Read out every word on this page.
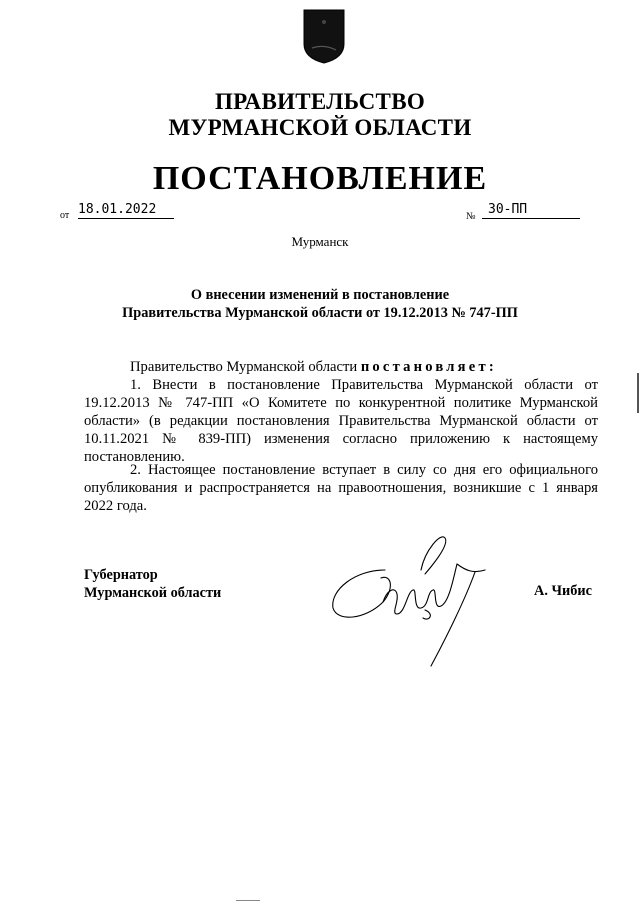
ПРАВИТЕЛЬСТВО
МУРМАНСКОЙ ОБЛАСТИ
ПОСТАНОВЛЕНИЕ
от 18.01.2022	№ 30-ПП
Мурманск
О внесении изменений в постановление
Правительства Мурманской области от 19.12.2013 № 747-ПП
Правительство Мурманской области постановляет:
1. Внести в постановление Правительства Мурманской области от 19.12.2013 № 747-ПП «О Комитете по конкурентной политике Мурманской области» (в редакции постановления Правительства Мурманской области от 10.11.2021 № 839-ПП) изменения согласно приложению к настоящему постановлению.
2. Настоящее постановление вступает в силу со дня его официального опубликования и распространяется на правоотношения, возникшие с 1 января 2022 года.
Губернатор
Мурманской области	А. Чибис
